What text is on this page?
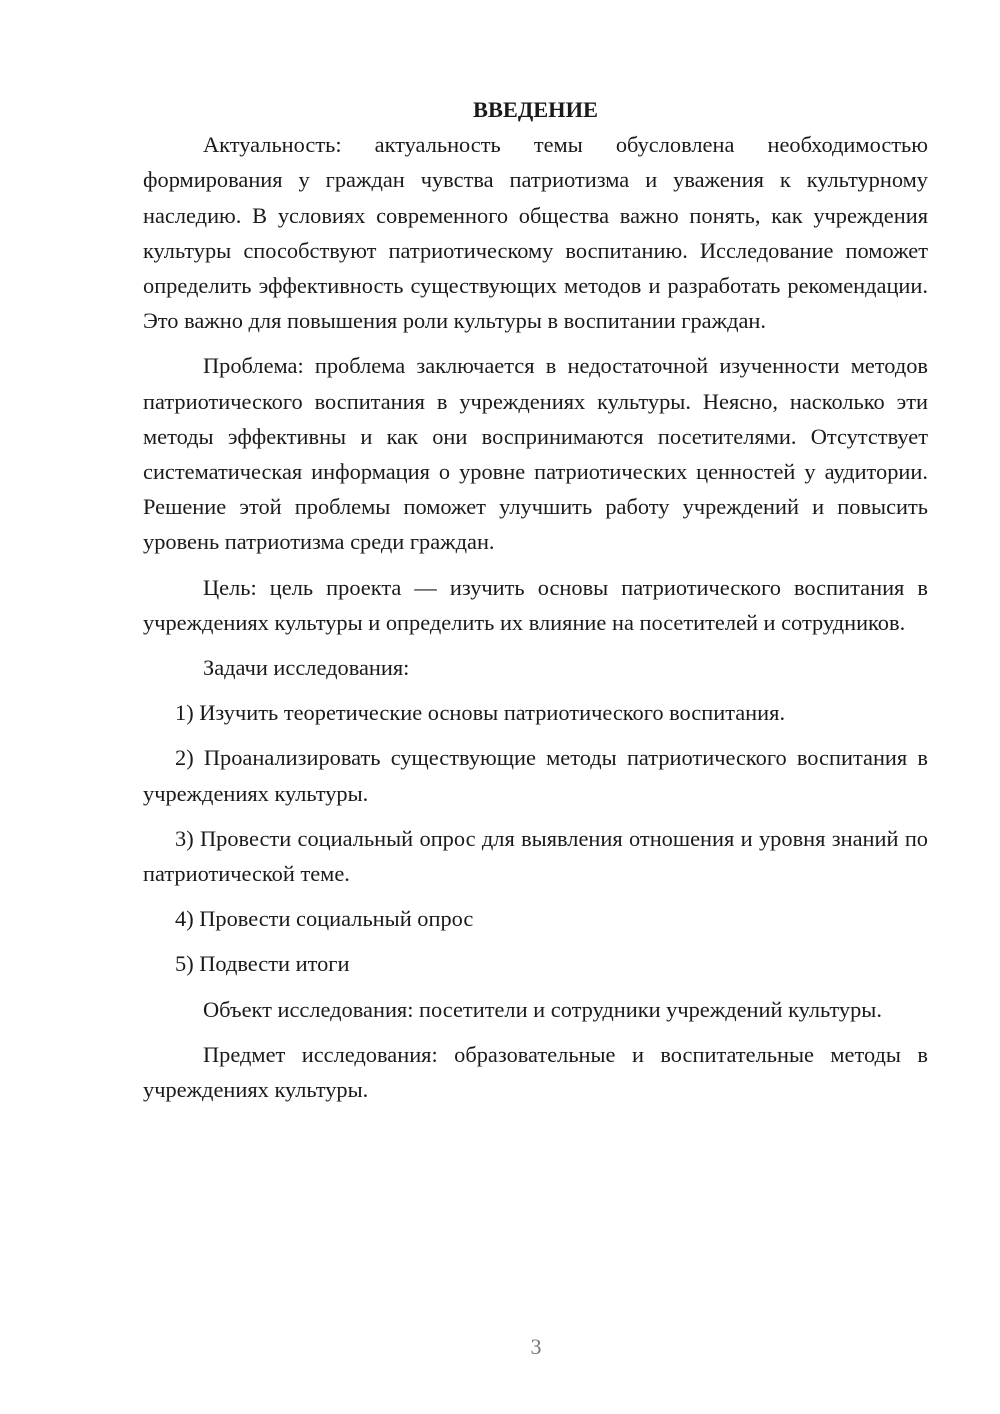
ВВЕДЕНИЕ

Актуальность: актуальность темы обусловлена необходимостью формирования у граждан чувства патриотизма и уважения к культурному наследию. В условиях современного общества важно понять, как учреждения культуры способствуют патриотическому воспитанию. Исследование поможет определить эффективность существующих методов и разработать рекомендации. Это важно для повышения роли культуры в воспитании граждан.

Проблема: проблема заключается в недостаточной изученности методов патриотического воспитания в учреждениях культуры. Неясно, насколько эти методы эффективны и как они воспринимаются посетителями. Отсутствует систематическая информация о уровне патриотических ценностей у аудитории. Решение этой проблемы поможет улучшить работу учреждений и повысить уровень патриотизма среди граждан.

Цель: цель проекта — изучить основы патриотического воспитания в учреждениях культуры и определить их влияние на посетителей и сотрудников.

Задачи исследования:

1) Изучить теоретические основы патриотического воспитания.

2) Проанализировать существующие методы патриотического воспитания в учреждениях культуры.

3) Провести социальный опрос для выявления отношения и уровня знаний по патриотической теме.

4) Провести социальный опрос

5) Подвести итоги

Объект исследования: посетители и сотрудники учреждений культуры.

Предмет исследования: образовательные и воспитательные методы в учреждениях культуры.

3
